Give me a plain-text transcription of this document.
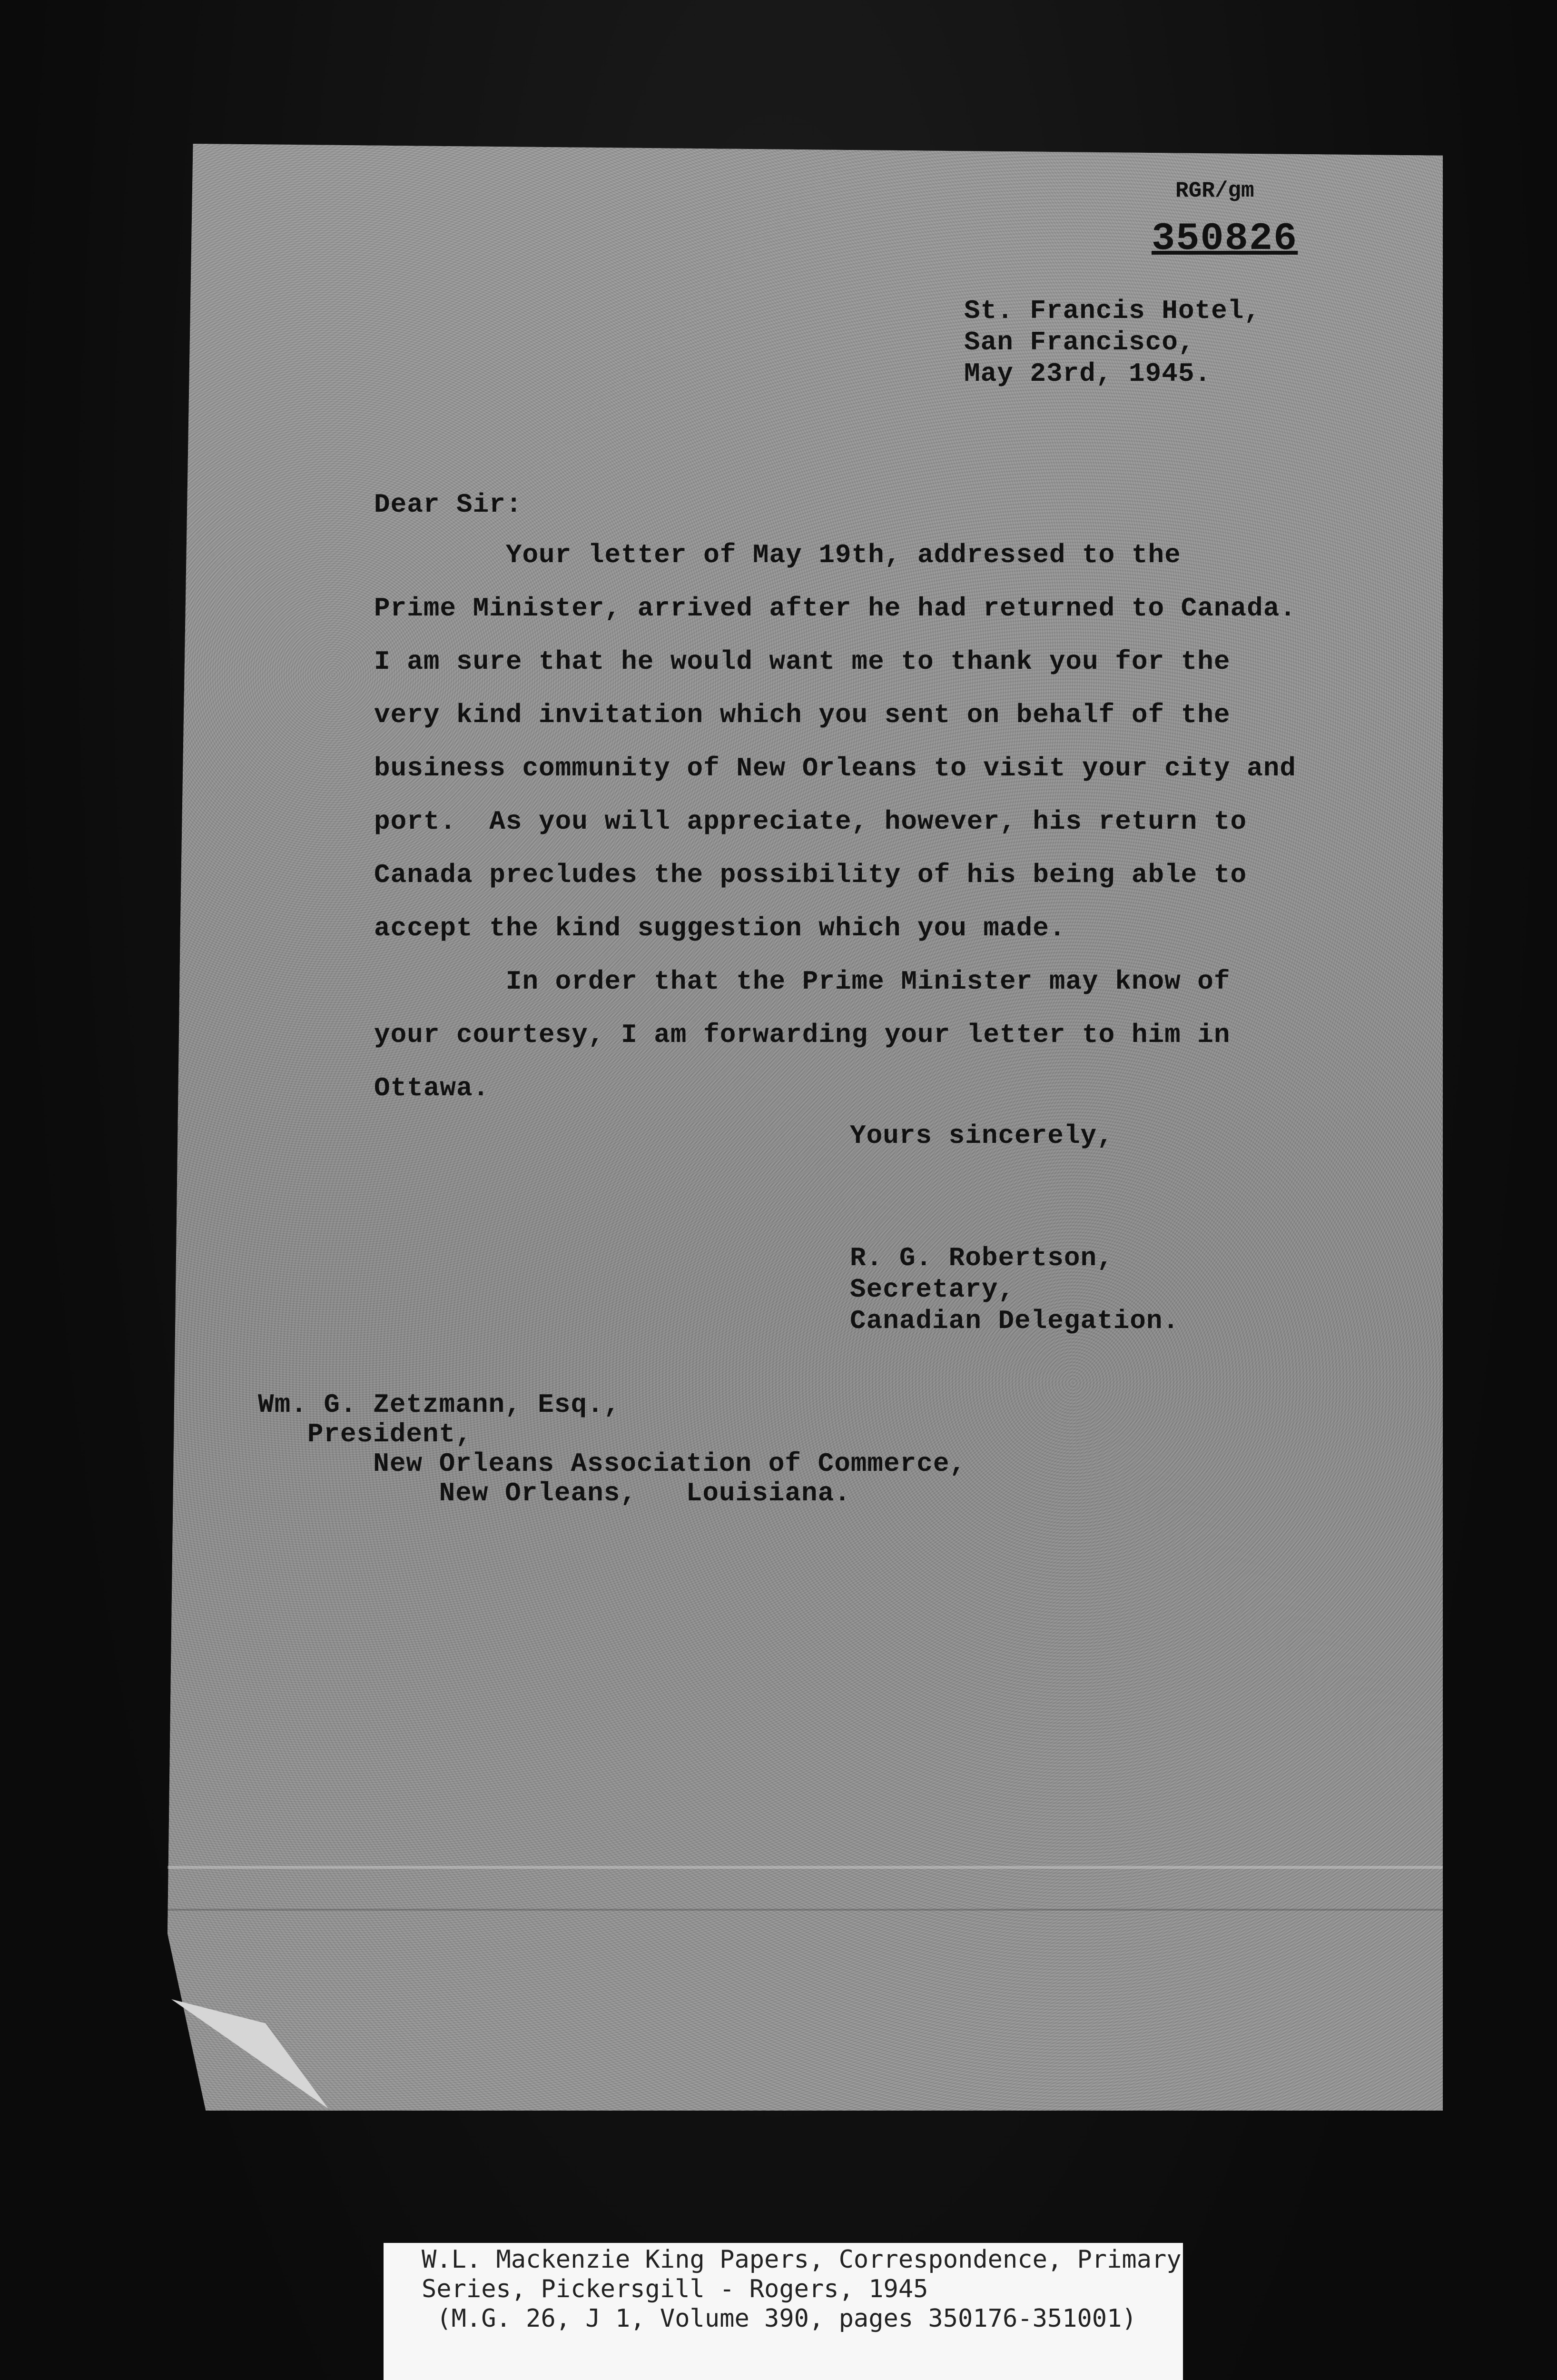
RGR/gm
350826
St. Francis Hotel,
San Francisco,
May 23rd, 1945.
Dear Sir:
Your letter of May 19th, addressed to the
Prime Minister, arrived after he had returned to Canada.
I am sure that he would want me to thank you for the
very kind invitation which you sent on behalf of the
business community of New Orleans to visit your city and
port.  As you will appreciate, however, his return to
Canada precludes the possibility of his being able to
accept the kind suggestion which you made.
In order that the Prime Minister may know of
your courtesy, I am forwarding your letter to him in
Ottawa.
Yours sincerely,
R. G. Robertson,
Secretary,
Canadian Delegation.
Wm. G. Zetzmann, Esq.,
President,
New Orleans Association of Commerce,
New Orleans,   Louisiana.
W.L. Mackenzie King Papers, Correspondence, Primary
Series, Pickersgill - Rogers, 1945
(M.G. 26, J 1, Volume 390, pages 350176-351001)
